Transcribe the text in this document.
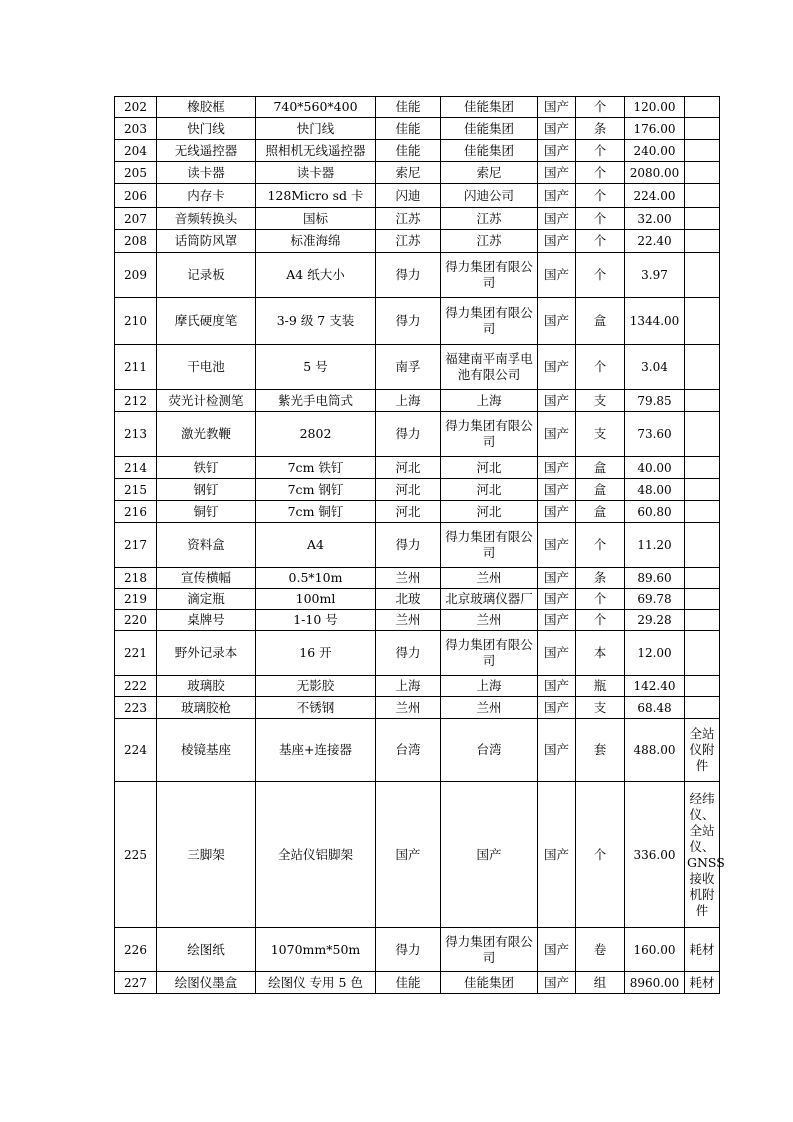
202	橡胶框	740*560*400	佳能	佳能集团	国产	个	120.00	
203	快门线	快门线	佳能	佳能集团	国产	条	176.00	
204	无线遥控器	照相机无线遥控器	佳能	佳能集团	国产	个	240.00	
205	读卡器	读卡器	索尼	索尼	国产	个	2080.00	
206	内存卡	128Micro sd 卡	闪迪	闪迪公司	国产	个	224.00	
207	音频转换头	国标	江苏	江苏	国产	个	32.00	
208	话筒防风罩	标准海绵	江苏	江苏	国产	个	22.40	
209	记录板	A4 纸大小	得力	得力集团有限公司	国产	个	3.97	
210	摩氏硬度笔	3-9 级 7 支装	得力	得力集团有限公司	国产	盒	1344.00	
211	干电池	5 号	南孚	福建南平南孚电池有限公司	国产	个	3.04	
212	荧光计检测笔	紫光手电筒式	上海	上海	国产	支	79.85	
213	激光教鞭	2802	得力	得力集团有限公司	国产	支	73.60	
214	铁钉	7cm 铁钉	河北	河北	国产	盒	40.00	
215	钢钉	7cm 钢钉	河北	河北	国产	盒	48.00	
216	铜钉	7cm 铜钉	河北	河北	国产	盒	60.80	
217	资料盒	A4	得力	得力集团有限公司	国产	个	11.20	
218	宣传横幅	0.5*10m	兰州	兰州	国产	条	89.60	
219	滴定瓶	100ml	北玻	北京玻璃仪器厂	国产	个	69.78	
220	桌牌号	1-10 号	兰州	兰州	国产	个	29.28	
221	野外记录本	16 开	得力	得力集团有限公司	国产	本	12.00	
222	玻璃胶	无影胶	上海	上海	国产	瓶	142.40	
223	玻璃胶枪	不锈钢	兰州	兰州	国产	支	68.48	
224	棱镜基座	基座+连接器	台湾	台湾	国产	套	488.00	全站仪附件
225	三脚架	全站仪铝脚架	国产	国产	国产	个	336.00	经纬仪、全站仪、GNSS接收机附件
226	绘图纸	1070mm*50m	得力	得力集团有限公司	国产	卷	160.00	耗材
227	绘图仪墨盒	绘图仪 专用 5 色	佳能	佳能集团	国产	组	8960.00	耗材
